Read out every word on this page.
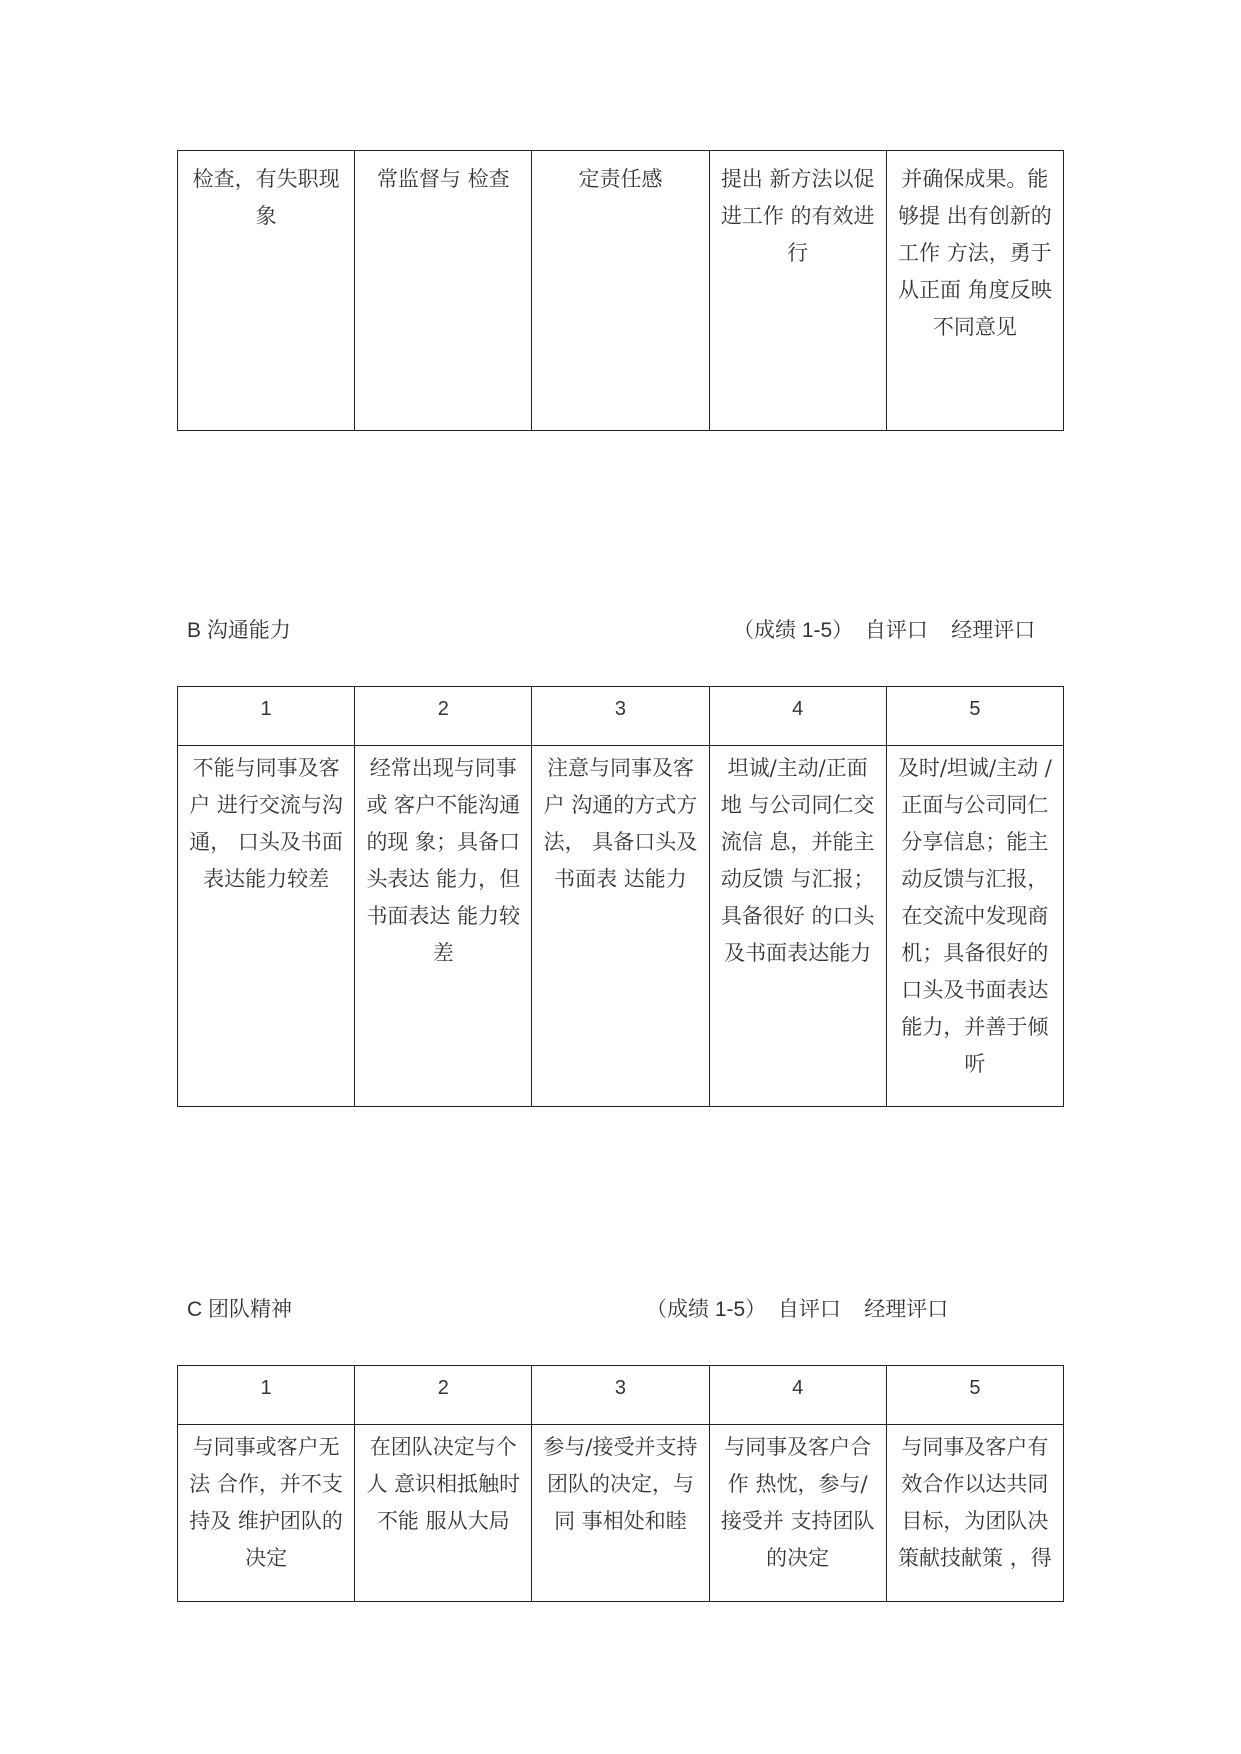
检查，有失职现象	常监督与 检查	定责任感	提出 新方法以促进工作 的有效进行	并确保成果。能够提 出有创新的工作 方法，勇于从正面 角度反映不同意见
B 沟通能力	（成绩 1-5） 自评口 经理评口
1	2	3	4	5
不能与同事及客户 进行交流与沟通， 口头及书面 表达能力较差	经常出现与同事或 客户不能沟通的现 象；具备口头表达 能力，但书面表达 能力较差	注意与同事及客户 沟通的方式方法， 具备口头及书面表 达能力	坦诚/主动/正面地 与公司同仁交流信 息，并能主动反馈 与汇报；具备很好 的口头及书面表达能力	及时/坦诚/主动 /正面与公司同仁分享信息；能主动反馈与汇报，在交流中发现商机；具备很好的口头及书面表达能力，并善于倾听
C 团队精神	（成绩 1-5） 自评口 经理评口
1	2	3	4	5
与同事或客户无法 合作，并不支持及 维护团队的决定	在团队决定与个人 意识相抵触时不能 服从大局	参与/接受并支持 团队的决定，与同 事相处和睦	与同事及客户合作 热忱，参与/接受并 支持团队的决定	与同事及客户有效合作以达共同目标，为团队决策献技献策 ，得
